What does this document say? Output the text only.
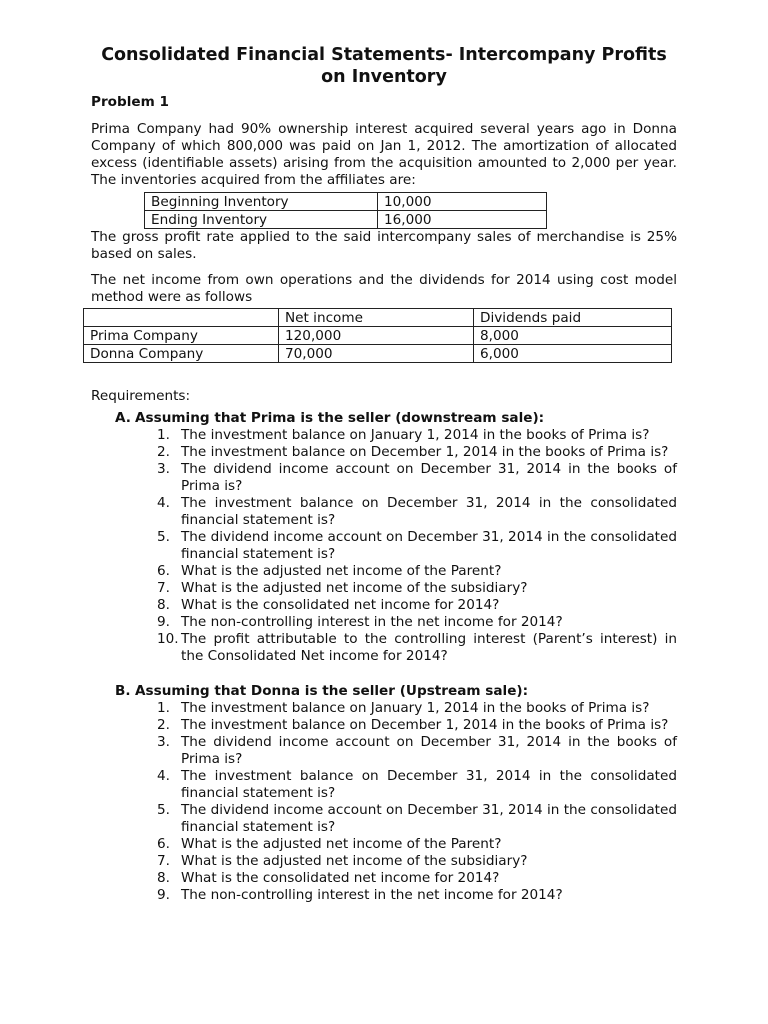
Consolidated Financial Statements- Intercompany Profits
on Inventory
Problem 1

Prima Company had 90% ownership interest acquired several years ago in Donna Company of which 800,000 was paid on Jan 1, 2012. The amortization of allocated excess (identifiable assets) arising from the acquisition amounted to 2,000 per year. The inventories acquired from the affiliates are:

Beginning Inventory	10,000
Ending Inventory	16,000

The gross profit rate applied to the said intercompany sales of merchandise is 25% based on sales.

The net income from own operations and the dividends for 2014 using cost model method were as follows

	Net income	Dividends paid
Prima Company	120,000	8,000
Donna Company	70,000	6,000
Requirements:
A. Assuming that Prima is the seller (downstream sale):
1. The investment balance on January 1, 2014 in the books of Prima is?
2. The investment balance on December 1, 2014 in the books of Prima is?
3. The dividend income account on December 31, 2014 in the books of Prima is?
4. The investment balance on December 31, 2014 in the consolidated financial statement is?
5. The dividend income account on December 31, 2014 in the consolidated financial statement is?
6. What is the adjusted net income of the Parent?
7. What is the adjusted net income of the subsidiary?
8. What is the consolidated net income for 2014?
9. The non-controlling interest in the net income for 2014?
10. The profit attributable to the controlling interest (Parent’s interest) in the Consolidated Net income for 2014?
B. Assuming that Donna is the seller (Upstream sale):
1. The investment balance on January 1, 2014 in the books of Prima is?
2. The investment balance on December 1, 2014 in the books of Prima is?
3. The dividend income account on December 31, 2014 in the books of Prima is?
4. The investment balance on December 31, 2014 in the consolidated financial statement is?
5. The dividend income account on December 31, 2014 in the consolidated financial statement is?
6. What is the adjusted net income of the Parent?
7. What is the adjusted net income of the subsidiary?
8. What is the consolidated net income for 2014?
9. The non-controlling interest in the net income for 2014?
